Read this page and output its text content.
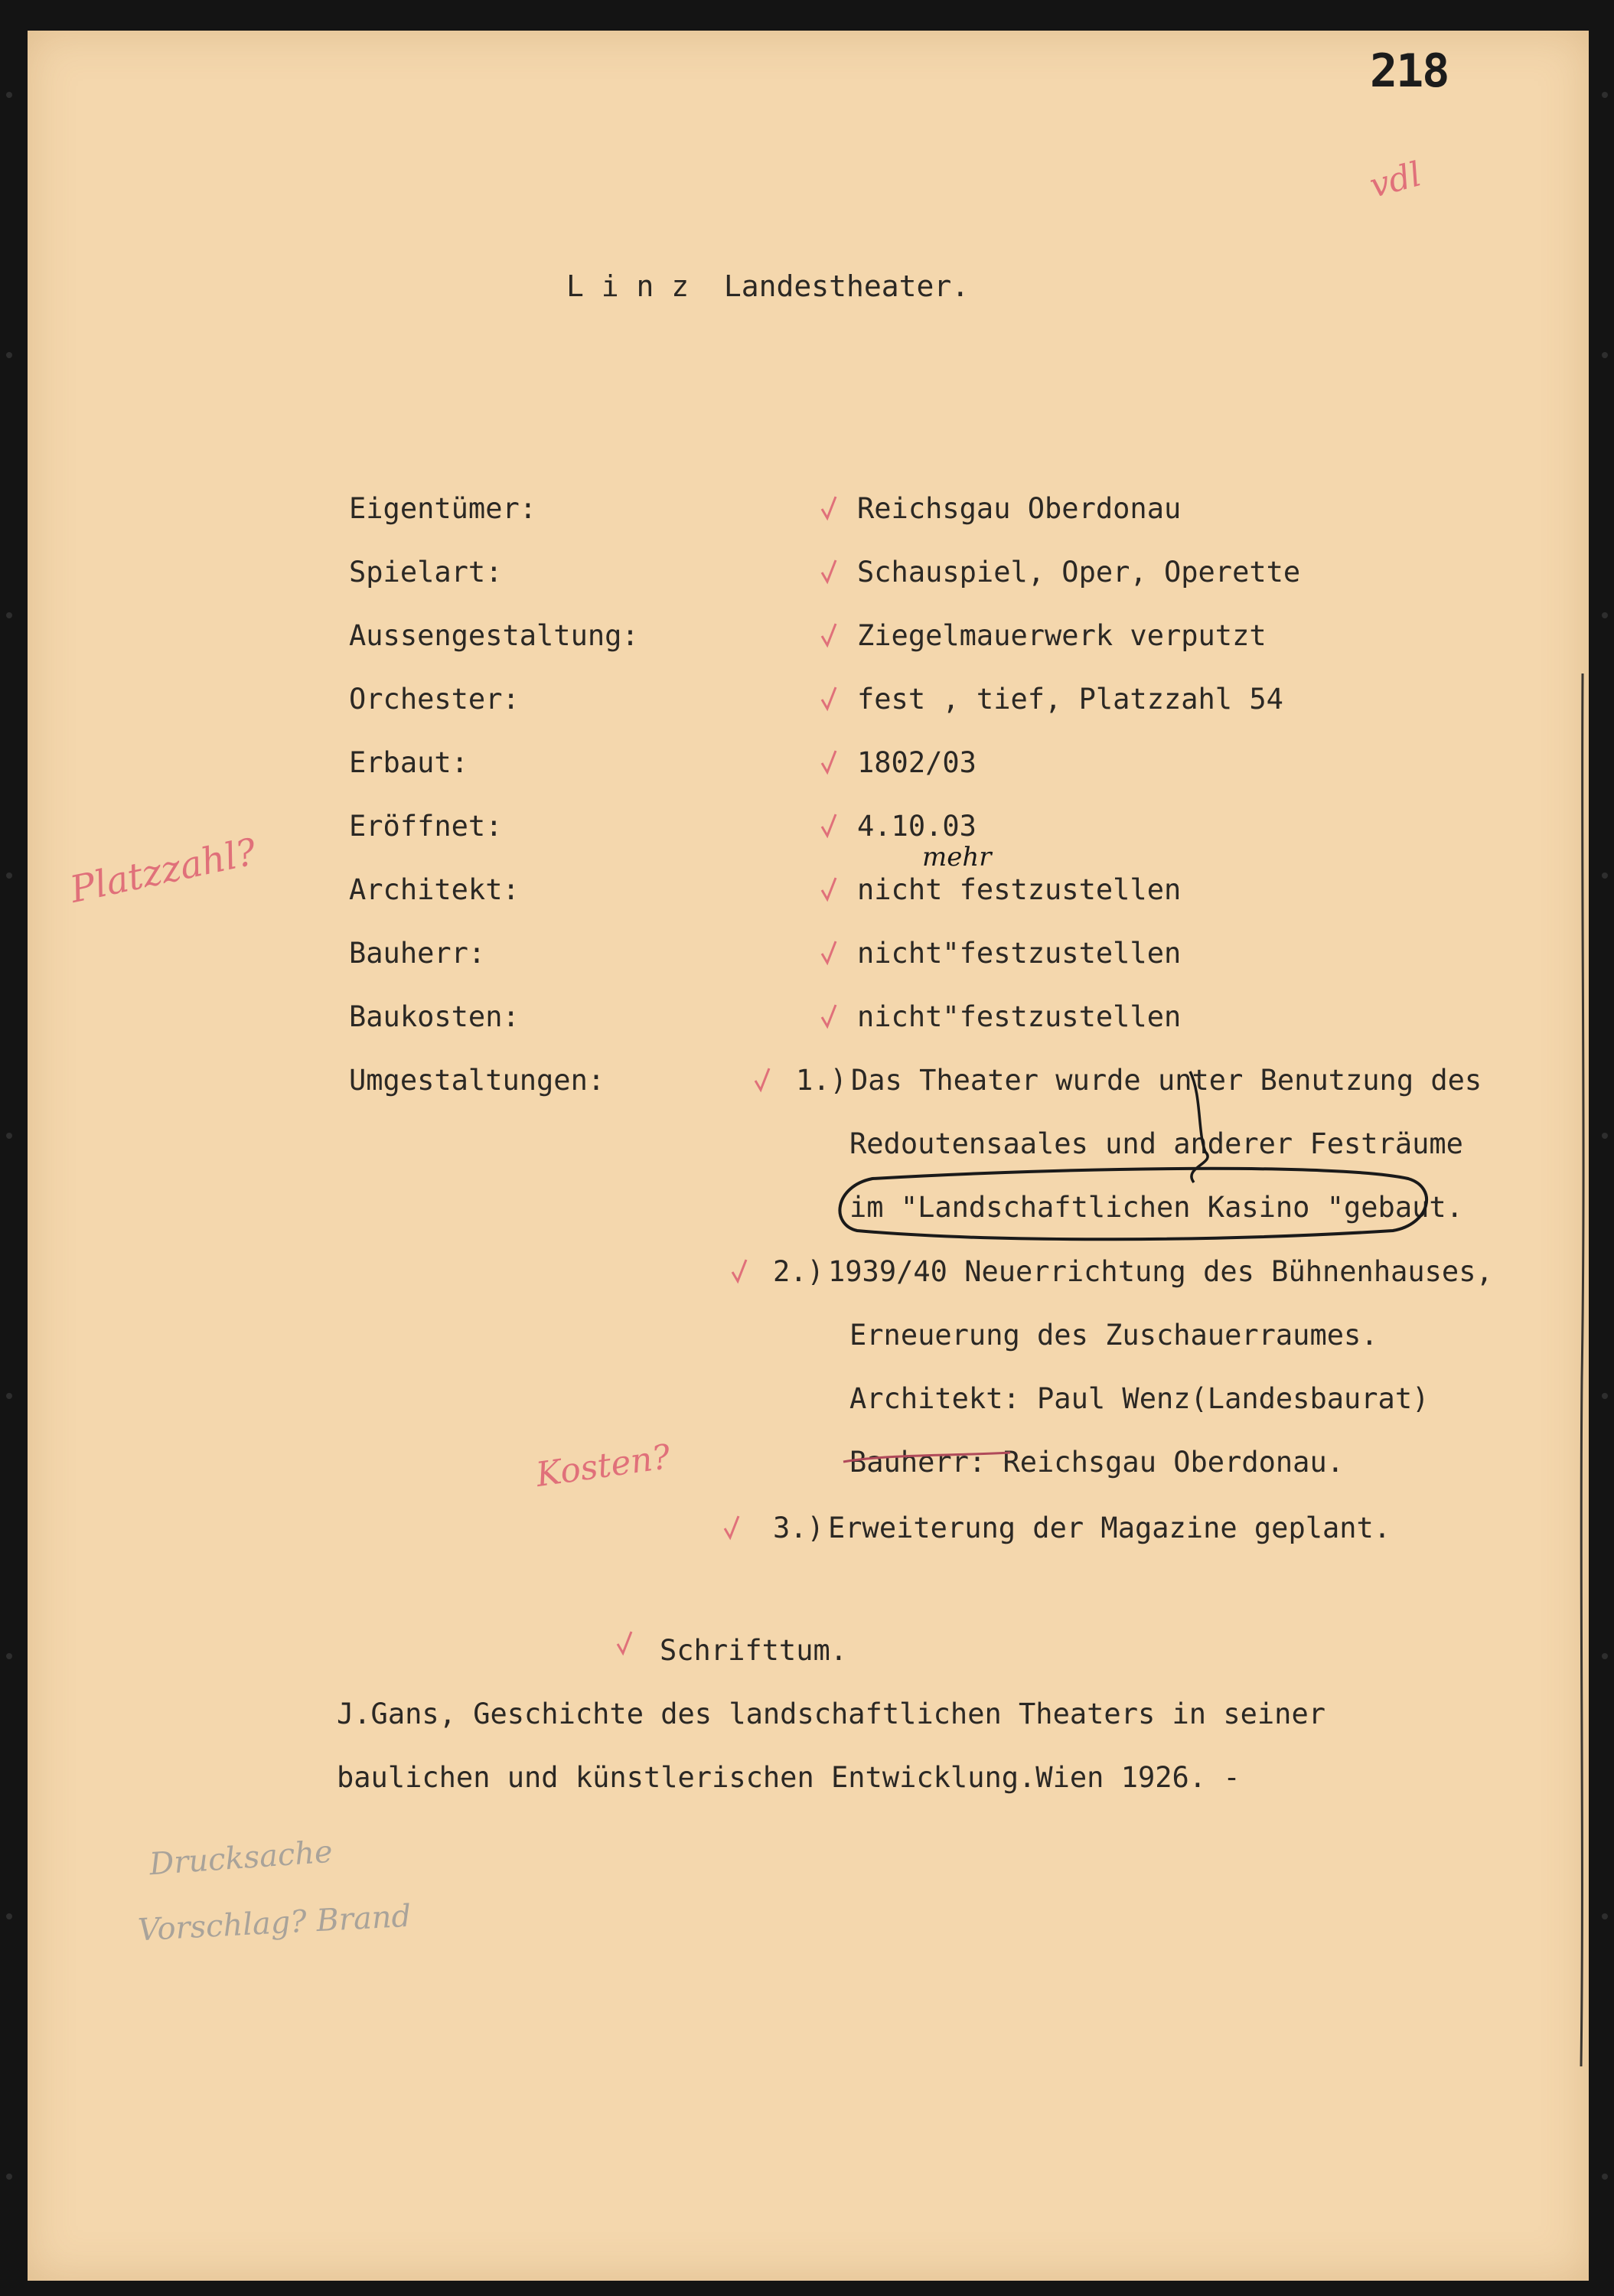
218
vdl
L i n z  Landestheater.
Eigentümer:	Reichsgau Oberdonau
Spielart:	Schauspiel, Oper, Operette
Aussengestaltung:	Ziegelmauerwerk verputzt
Orchester:	fest , tief, Platzzahl 54
Erbaut:	1802/03
Eröffnet:	4.10.03
Architekt:	nicht festzustellen
Bauherr:	nicht"festzustellen
Baukosten:	nicht"festzustellen
Umgestaltungen:
Platzzahl?
1.) Das Theater wurde unter Benutzung des
Redoutensaales und anderer Festräume
im "Landschaftlichen Kasino "gebaut.
2.) 1939/40 Neuerrichtung des Bühnenhauses,
Erneuerung des Zuschauerraumes.
Architekt: Paul Wenz(Landesbaurat)
Bauherr: Reichsgau Oberdonau.
3.) Erweiterung der Magazine geplant.
Kosten?
Schrifttum.
J.Gans, Geschichte des landschaftlichen Theaters in seiner
baulichen und künstlerischen Entwicklung.Wien 1926. -
Drucksache
Vorschlag? Brand
mehr
